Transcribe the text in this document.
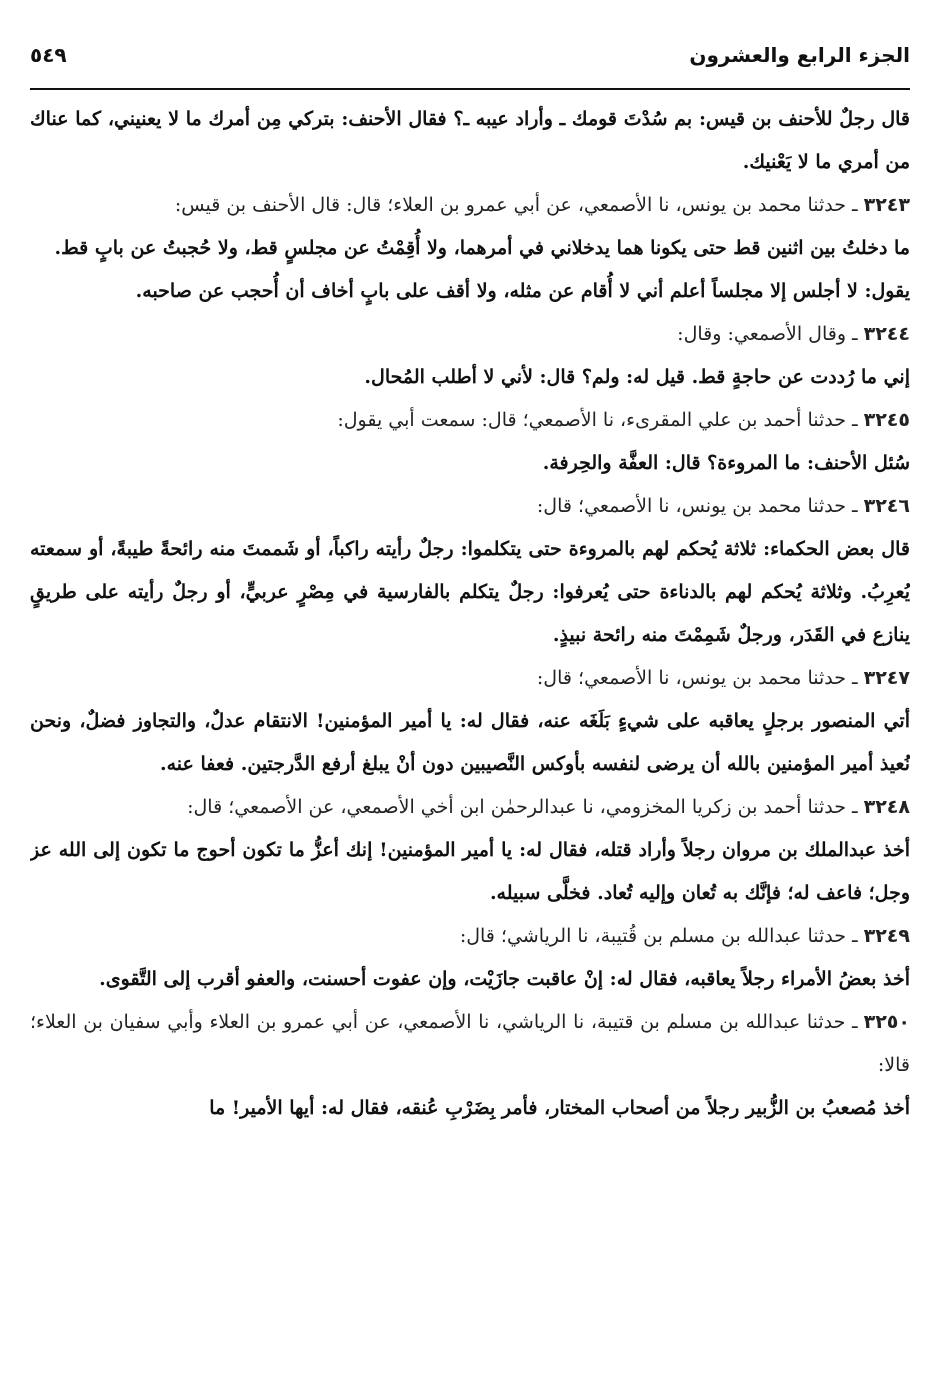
الجزء الرابع والعشرون
٥٤٩

قال رجلٌ للأحنف بن قيس: بم سُدْتَ قومك ـ وأراد عيبه ـ؟ فقال الأحنف: بتركي مِن أمرك ما لا يعنيني، كما عناك من أمري ما لا يَعْنيك.

٣٢٤٣ـ حدثنا محمد بن يونس، نا الأصمعي، عن أبي عمرو بن العلاء؛ قال: قال الأحنف بن قيس:

ما دخلتُ بين اثنين قط حتى يكونا هما يدخلاني في أمرهما، ولا أُقِمْتُ عن مجلسٍ قط، ولا حُجبتُ عن بابٍ قط.

يقول: لا أجلس إلا مجلساً أعلم أني لا أُقام عن مثله، ولا أقف على بابٍ أخاف أن أُحجب عن صاحبه.

٣٢٤٤ـ وقال الأصمعي: وقال:

إني ما رُددت عن حاجةٍ قط. قيل له: ولم؟ قال: لأني لا أطلب المُحال.

٣٢٤٥ـ حدثنا أحمد بن علي المقرىء، نا الأصمعي؛ قال: سمعت أبي يقول:

سُئل الأحنف: ما المروءة؟ قال: العفَّة والحِرفة.

٣٢٤٦ـ حدثنا محمد بن يونس، نا الأصمعي؛ قال:

قال بعض الحكماء: ثلاثة يُحكم لهم بالمروءة حتى يتكلموا: رجلٌ رأيته راكباً، أو شَممتَ منه رائحةً طيبةً، أو سمعته يُعرِبُ. وثلاثة يُحكم لهم بالدناءة حتى يُعرفوا: رجلٌ يتكلم بالفارسية في مِصْرٍ عربيٍّ، أو رجلٌ رأيته على طريقٍ ينازع في القَدَر، ورجلٌ شَمِمْتَ منه رائحة نبيذٍ.

٣٢٤٧ـ حدثنا محمد بن يونس، نا الأصمعي؛ قال:

أتي المنصور برجلٍ يعاقبه على شيءٍ بَلَغَه عنه، فقال له: يا أمير المؤمنين! الانتقام عدلٌ، والتجاوز فضلٌ، ونحن نُعيذ أمير المؤمنين بالله أن يرضى لنفسه بأوكس النَّصيبين دون أنْ يبلغ أرفع الدَّرجتين. فعفا عنه.

٣٢٤٨ـ حدثنا أحمد بن زكريا المخزومي، نا عبدالرحمٰن ابن أخي الأصمعي، عن الأصمعي؛ قال:

أخذ عبدالملك بن مروان رجلاً وأراد قتله، فقال له: يا أمير المؤمنين! إنك أعزُّ ما تكون أحوج ما تكون إلى الله عز وجل؛ فاعف له؛ فإنَّك به تُعان وإليه تُعاد. فخلَّى سبيله.

٣٢٤٩ـ حدثنا عبدالله بن مسلم بن قُتيبة، نا الرياشي؛ قال:

أخذ بعضُ الأمراء رجلاً يعاقبه، فقال له: إنْ عاقبت جازَيْت، وإن عفوت أحسنت، والعفو أقرب إلى التَّقوى.

٣٢٥٠ـ حدثنا عبدالله بن مسلم بن قتيبة، نا الرياشي، نا الأصمعي، عن أبي عمرو بن العلاء وأبي سفيان بن العلاء؛ قالا:

أخذ مُصعبُ بن الزُّبير رجلاً من أصحاب المختار، فأمر بِضَرْبِ عُنقه، فقال له: أيها الأمير! ما
